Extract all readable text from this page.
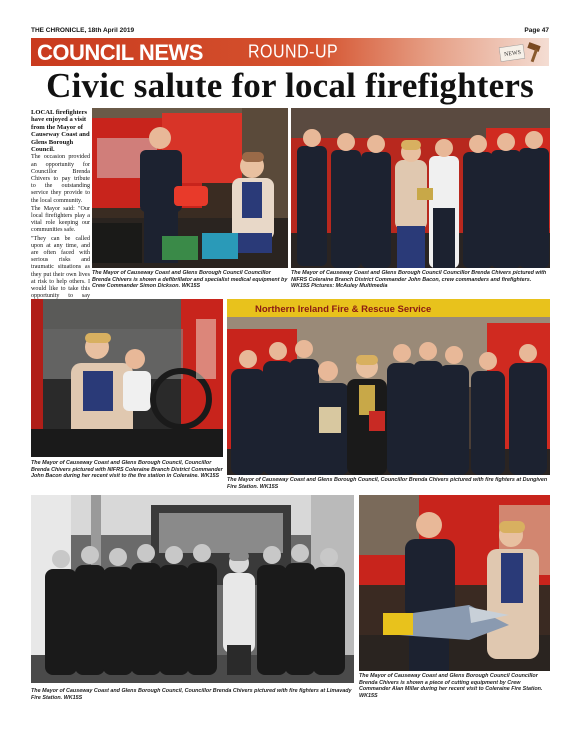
THE CHRONICLE, 18th April 2019	Page 47
COUNCIL NEWS	ROUND-UP	NEWS
Civic salute for local firefighters

LOCAL firefighters have enjoyed a visit from the Mayor of Causeway Coast and Glens Borough Council.

The occasion provided an opportunity for Councillor Brenda Chivers to pay tribute to the outstanding service they provide to the local community.

The Mayor said: "Our local firefighters play a vital role keeping our communities safe.

"They can be called upon at any time, and are often faced with serious risks and traumatic situations as they put their own lives at risk to help others. I would like to take this opportunity to say

The Mayor of Causeway Coast and Glens Borough Council Councillor Brenda Chivers is shown a defibrillator and specialist medical equipment by Crew Commander Simon Dickson. WK15S
The Mayor of Causeway Coast and Glens Borough Council Councillor Brenda Chivers pictured with NIFRS Coleraine Branch District Commander John Bacon, crew commanders and firefighters. WK15S Pictures: McAuley Multimedia
The Mayor of Causeway Coast and Glens Borough Council, Councillor Brenda Chivers pictured with NIFRS Coleraine Branch District Commander John Bacon during her recent visit to the fire station in Coleraine. WK15S
Northern Ireland Fire & Rescue Service
The Mayor of Causeway Coast and Glens Borough Council, Councillor Brenda Chivers pictured with fire fighters at Dungiven Fire Station. WK15S
The Mayor of Causeway Coast and Glens Borough Council, Councillor Brenda Chivers pictured with fire fighters at Limavady Fire Station. WK15S
The Mayor of Causeway Coast and Glens Borough Council Councillor Brenda Chivers is shown a piece of cutting equipment by Crew Commander Alan Millar during her recent visit to Coleraine Fire Station. WK15S
